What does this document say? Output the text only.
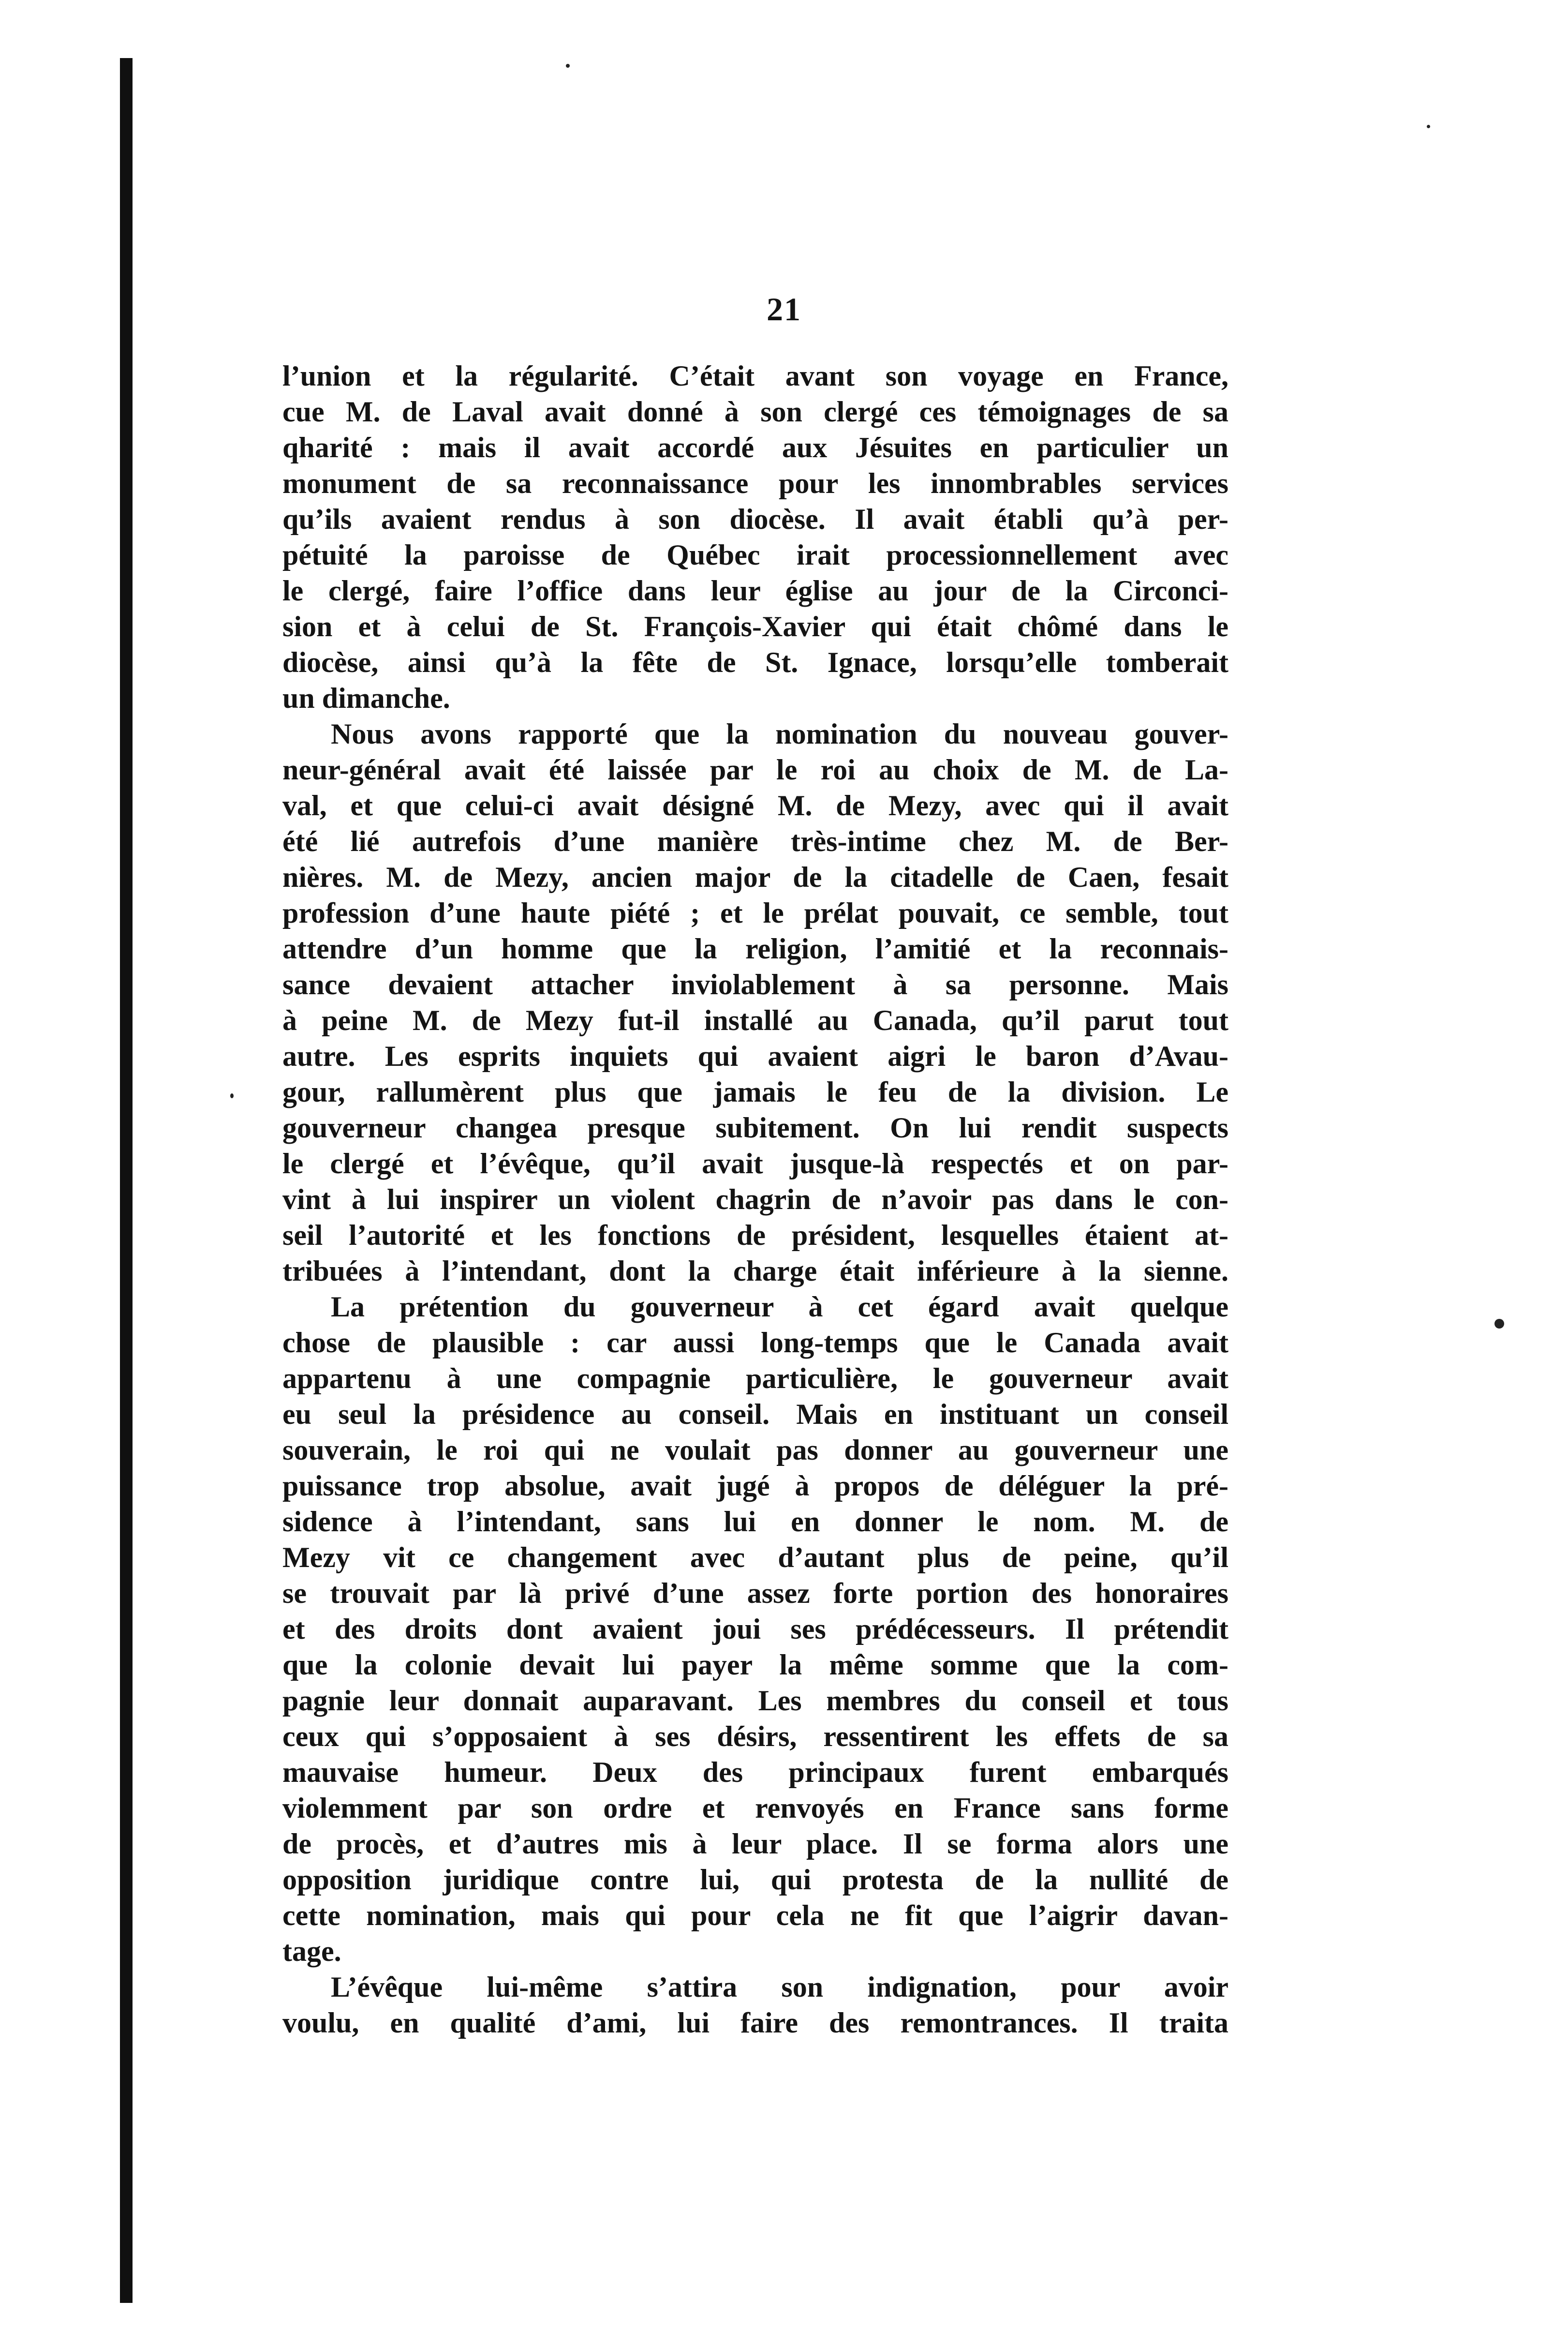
21
l’union et la régularité. C’était avant son voyage en France,
cue M. de Laval avait donné à son clergé ces témoignages de sa
qharité : mais il avait accordé aux Jésuites en particulier un
monument de sa reconnaissance pour les innombrables services
qu’ils avaient rendus à son diocèse. Il avait établi qu’à per-
pétuité la paroisse de Québec irait processionnellement avec
le clergé, faire l’office dans leur église au jour de la Circonci-
sion et à celui de St. François-Xavier qui était chômé dans le
diocèse, ainsi qu’à la fête de St. Ignace, lorsqu’elle tomberait
un dimanche.
Nous avons rapporté que la nomination du nouveau gouver-
neur-général avait été laissée par le roi au choix de M. de La-
val, et que celui-ci avait désigné M. de Mezy, avec qui il avait
été lié autrefois d’une manière très-intime chez M. de Ber-
nières. M. de Mezy, ancien major de la citadelle de Caen, fesait
profession d’une haute piété ; et le prélat pouvait, ce semble, tout
attendre d’un homme que la religion, l’amitié et la reconnais-
sance devaient attacher inviolablement à sa personne. Mais
à peine M. de Mezy fut-il installé au Canada, qu’il parut tout
autre. Les esprits inquiets qui avaient aigri le baron d’Avau-
gour, rallumèrent plus que jamais le feu de la division. Le
gouverneur changea presque subitement. On lui rendit suspects
le clergé et l’évêque, qu’il avait jusque-là respectés et on par-
vint à lui inspirer un violent chagrin de n’avoir pas dans le con-
seil l’autorité et les fonctions de président, lesquelles étaient at-
tribuées à l’intendant, dont la charge était inférieure à la sienne.
La prétention du gouverneur à cet égard avait quelque
chose de plausible : car aussi long-temps que le Canada avait
appartenu à une compagnie particulière, le gouverneur avait
eu seul la présidence au conseil. Mais en instituant un conseil
souverain, le roi qui ne voulait pas donner au gouverneur une
puissance trop absolue, avait jugé à propos de déléguer la pré-
sidence à l’intendant, sans lui en donner le nom. M. de
Mezy vit ce changement avec d’autant plus de peine, qu’il
se trouvait par là privé d’une assez forte portion des honoraires
et des droits dont avaient joui ses prédécesseurs. Il prétendit
que la colonie devait lui payer la même somme que la com-
pagnie leur donnait auparavant. Les membres du conseil et tous
ceux qui s’opposaient à ses désirs, ressentirent les effets de sa
mauvaise humeur. Deux des principaux furent embarqués
violemment par son ordre et renvoyés en France sans forme
de procès, et d’autres mis à leur place. Il se forma alors une
opposition juridique contre lui, qui protesta de la nullité de
cette nomination, mais qui pour cela ne fit que l’aigrir davan-
tage.
L’évêque lui-même s’attira son indignation, pour avoir
voulu, en qualité d’ami, lui faire des remontrances. Il traita
